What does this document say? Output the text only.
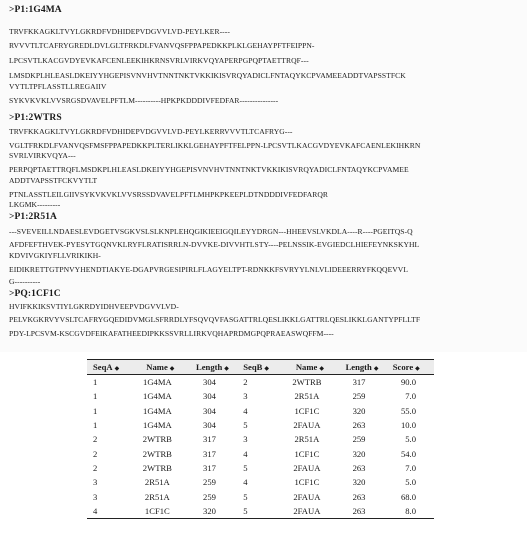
>P1:1G4MA
TRVFKKAGKLTVYLGKRDFVDHIDEPVDGVVLVD-PEYLKER----
RVVVTLTCAFRYGREDLDVLGLTFRKDLFVANVQSFPPAPEDKKPLKLGEHAYPFTFEIPPN-
LPCSVTLKACGVDYEVKAFCENLEEKIHKRNSVRLVIRKVQYAPERPGPQPTAETTRQF---
LMSDKPLHLEASLDKEIYYHGEPISVNVHVTNNTNKTVKKIKISVRQYADICLFNTAQYKCPVAMEEADDTVAPSSTFCK
VYTLTPFLASSTLLREGAIIV
SYKVKVKLVVSRGSDVAVELPFTLM----------HPKPKDDDIVFEDFAR---------------
>P1:2WTRS
TRVFKKAGKLTVYLGKRDFVDHIDEPVDGVVLVD-PEYLKERRVVVTLTCAFRYG---
VGLTFRKDLFVANVQSFMSFPPAPEDKKPLTERLIKKLGEHAYPFTFELPPN-LPCSVTLKACGVDYEVKAFCAENLEKIHKRN
SVRLVIRKVQYA---
PERPQPTAETTRQFLMSDKPLHLEASLDKEIYYHGEPISVNVHVTNNTNKTVKKIKISVRQYADICLFNTAQYKCPVAMEE
ADDTVAPSSTFCKVYTLT
PTNLASSTLEILGIIVSYKVKVKLVVSRSSDVAVELPFTLMHPKPKEEPLDTNDDDIVFEDFARQR
LKGMK---------
>P1:2R51A
---SVEVEILLNDAESLEVDGETVSGKVSLSLKNPLEHQGIKIEEIGQILEYYDRGN---HHEEVSLVKDLA----R----PGEITQS-Q
AFDFEFTHVEK-PYESYTGQNVKLRYFLRATISRRLN-DVVKE-DIVVHTLSTY----PELNSSIK-EVGIEDCLHIEFEYNKSKYHL
KDVIVGKIYFLLVRIKIKH-
EIDIKRETTGTPNVYHENDTIAKYE-DGAPVRGESIPIRLFLAGYELTPT-RDNKKFSVRYYLNLVLIDEEERRYFKQQEVVL
G----------
>PQ:1CF1C
HVIFKKIKSVTIYLGKRDYIDHVEEPVDGVVLVD-
PELVKGKRVYVSLTCAFRYGQEDIDVMGLSFRRDLYFSQVQVFASGATTRLQESLIKKLGATTRLQESLIKKLGANTYPFLLTF
PDY-LPCSVM-KSCGVDFEIKAFATHEEDIPKKSSVRLLIRKVQHAPRDMGPQPRAEASWQFFM----
SeqA ◆	Name ◆	Length ◆	SeqB ◆	Name ◆	Length ◆	Score ◆
1	1G4MA	304	2	2WTRB	317	90.0
1	1G4MA	304	3	2R51A	259	7.0
1	1G4MA	304	4	1CF1C	320	55.0
1	1G4MA	304	5	2FAUA	263	10.0
2	2WTRB	317	3	2R51A	259	5.0
2	2WTRB	317	4	1CF1C	320	54.0
2	2WTRB	317	5	2FAUA	263	7.0
3	2R51A	259	4	1CF1C	320	5.0
3	2R51A	259	5	2FAUA	263	68.0
4	1CF1C	320	5	2FAUA	263	8.0
